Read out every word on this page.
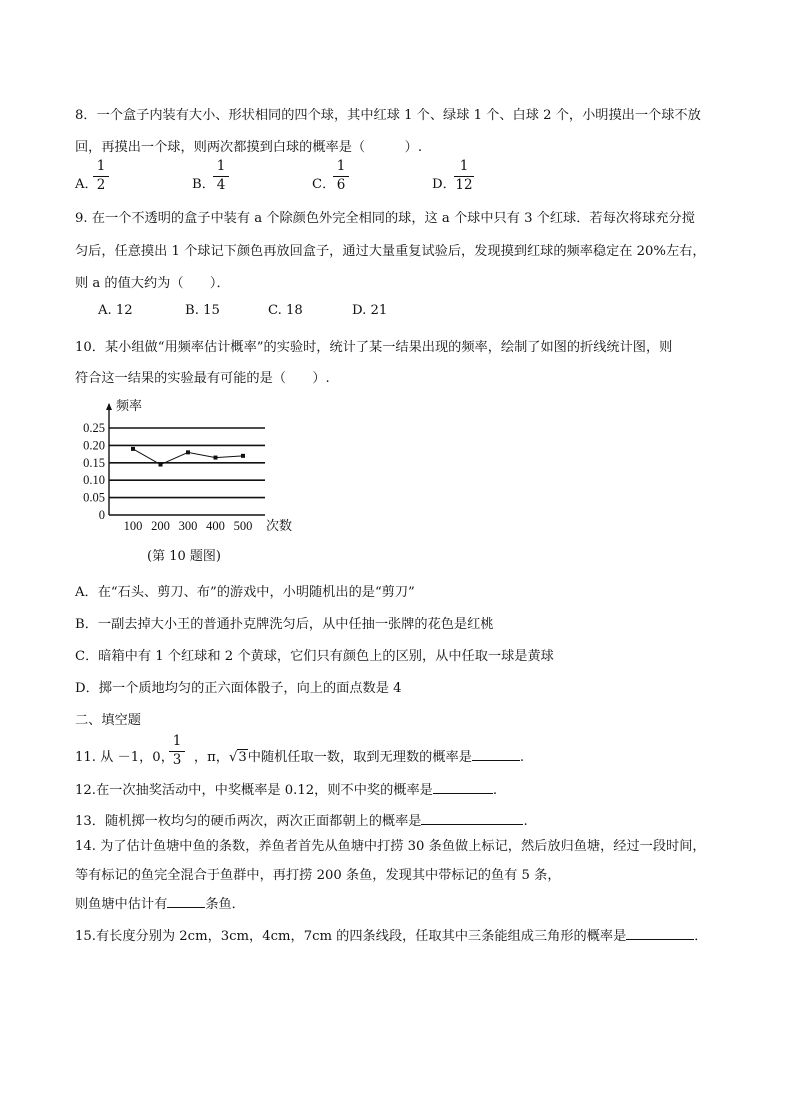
8．一个盒子内装有大小、形状相同的四个球，其中红球 1 个、绿球 1 个、白球 2 个，小明摸出一个球不放
回，再摸出一个球，则两次都摸到白球的概率是（　　　）.
A．
1
2	B．
1
4	C．
1
6	D．
1
12
9. 在一个不透明的盒子中装有 a 个除颜色外完全相同的球，这 a 个球中只有 3 个红球．若每次将球充分搅
匀后，任意摸出 1 个球记下颜色再放回盒子，通过大量重复试验后，发现摸到红球的频率稳定在 20%左右，
则 a 的值大约为（　　）．
A. 12	B. 15	C. 18	D. 21
10．某小组做“用频率估计概率”的实验时，统计了某一结果出现的频率，绘制了如图的折线统计图，则
符合这一结果的实验最有可能的是（　　）.
0.25
0.20
0.15
0.10
0.05
0
100 200 300 400 500
频率
次数
(第 10 题图)
A．在“石头、剪刀、布”的游戏中，小明随机出的是“剪刀”
B．一副去掉大小王的普通扑克牌洗匀后，从中任抽一张牌的花色是红桃
C．暗箱中有 1 个红球和 2 个黄球，它们只有颜色上的区别，从中任取一球是黄球
D．掷一个质地均匀的正六面体骰子，向上的面点数是 4
二、填空题
11. 从 －1，0， ，π，√3中随机任取一数，取到无理数的概率是	.
1
3
12.在一次抽奖活动中，中奖概率是 0.12，则不中奖的概率是	.
13．随机掷一枚均匀的硬币两次，两次正面都朝上的概率是	.
14. 为了估计鱼塘中鱼的条数，养鱼者首先从鱼塘中打捞 30 条鱼做上标记，然后放归鱼塘，经过一段时间，
等有标记的鱼完全混合于鱼群中，再打捞 200 条鱼，发现其中带标记的鱼有 5 条，
则鱼塘中估计有	条鱼．
15.有长度分别为 2cm，3cm，4cm，7cm 的四条线段，任取其中三条能组成三角形的概率是	．
